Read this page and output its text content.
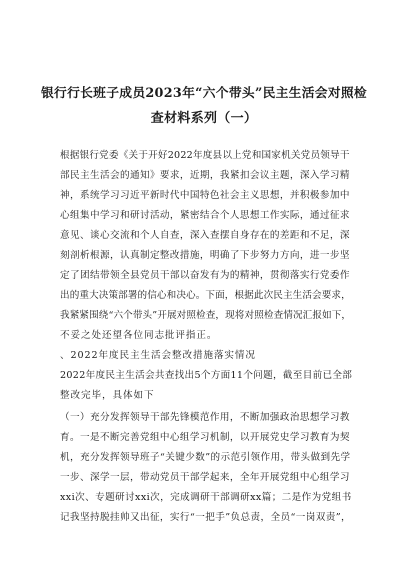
银行行长班子成员2023年“六个带头”民主生活会对照检
查材料系列（一）
根据银行党委《关于开好2022年度县以上党和国家机关党员领导干
部民主生活会的通知》要求，近期，我紧扣会议主题，深入学习精
神，系统学习习近平新时代中国特色社会主义思想，并积极参加中
心组集中学习和研讨活动，紧密结合个人思想工作实际，通过征求
意见、谈心交流和个人自查，深入查摆自身存在的差距和不足，深
刻剖析根源，认真制定整改措施，明确了下步努力方向，进一步坚
定了团结带领全县党员干部以奋发有为的精神，贯彻落实行党委作
出的重大决策部署的信心和决心。下面，根据此次民主生活会要求，
我紧紧围绕“六个带头”开展对照检查，现将对照检查情况汇报如下，
不妥之处还望各位同志批评指正。
、2022年度民主生活会整改措施落实情况
2022年度民主生活会共查找出5个方面11个问题，截至目前已全部
整改完毕，具体如下
（一）充分发挥领导干部先锋模范作用，不断加强政治思想学习教
育。一是不断完善党组中心组学习机制，以开展党史学习教育为契
机，充分发挥领导班子“关键少数”的示范引领作用，带头做到先学
一步、深学一层，带动党员干部学起来，全年开展党组中心组学习
xxi次、专题研讨xxi次，完成调研干部调研xx篇；二是作为党组书
记我坚持脱挂帅又出征，实行“一把手”负总责，全员“一岗双责”，
